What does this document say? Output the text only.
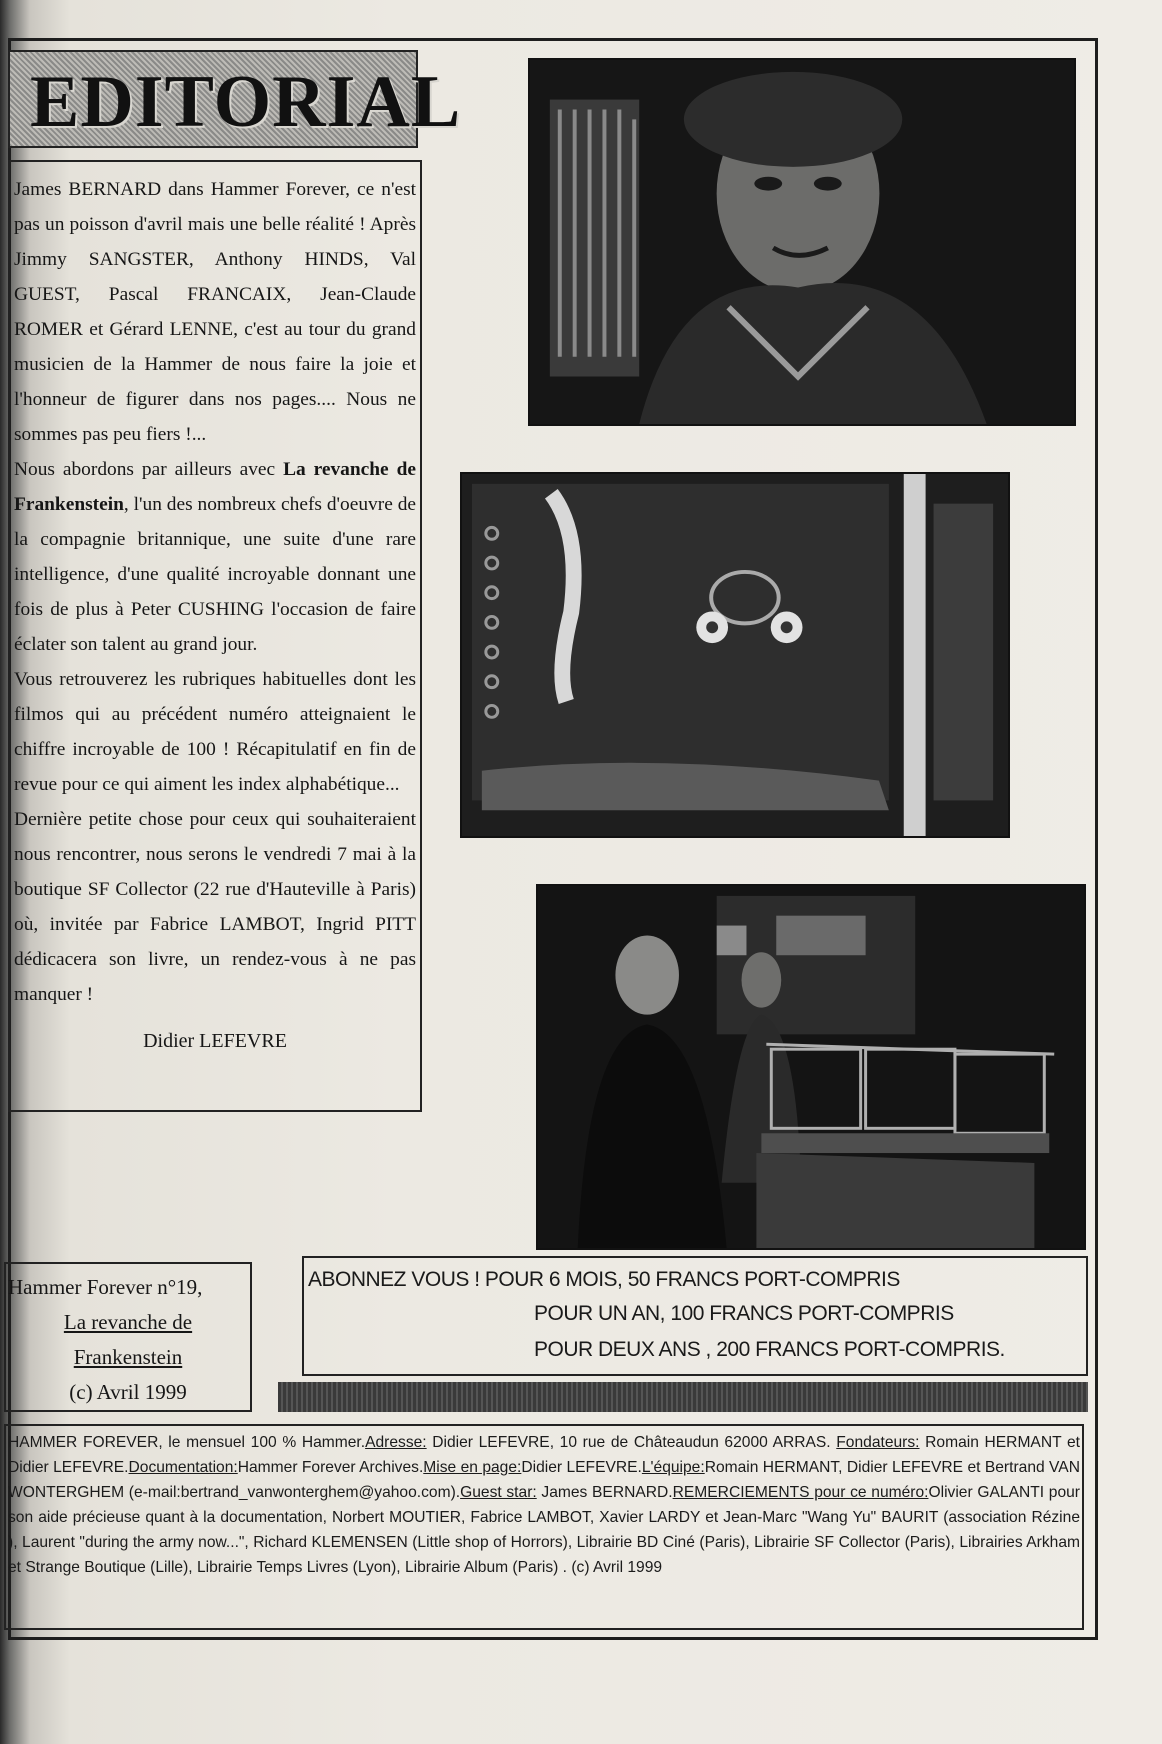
EDITORIAL

James BERNARD dans Hammer Forever, ce n'est pas un poisson d'avril mais une belle réalité ! Après Jimmy SANGSTER, Anthony HINDS, Val GUEST, Pascal FRANCAIX, Jean-Claude ROMER et Gérard LENNE, c'est au tour du grand musicien de la Hammer de nous faire la joie et l'honneur de figurer dans nos pages.... Nous ne sommes pas peu fiers !...

Nous abordons par ailleurs avec La revanche de Frankenstein, l'un des nombreux chefs d'oeuvre de la compagnie britannique, une suite d'une rare intelligence, d'une qualité incroyable donnant une fois de plus à Peter CUSHING l'occasion de faire éclater son talent au grand jour.

Vous retrouverez les rubriques habituelles dont les filmos qui au précédent numéro atteignaient le chiffre incroyable de 100 ! Récapitulatif en fin de revue pour ce qui aiment les index alphabétique...

Dernière petite chose pour ceux qui souhaiteraient nous rencontrer, nous serons le vendredi 7 mai à la boutique SF Collector (22 rue d'Hauteville à Paris) où, invitée par Fabrice LAMBOT, Ingrid PITT dédicacera son livre, un rendez-vous à ne pas manquer !

Didier LEFEVRE
Hammer Forever n°19,
La revanche de
Frankenstein
(c) Avril 1999
ABONNEZ VOUS ! POUR 6 MOIS, 50 FRANCS PORT-COMPRIS
POUR UN AN, 100 FRANCS PORT-COMPRIS
POUR DEUX ANS , 200 FRANCS PORT-COMPRIS.
HAMMER FOREVER, le mensuel 100 % Hammer.Adresse: Didier LEFEVRE, 10 rue de Châteaudun 62000 ARRAS. Fondateurs: Romain HERMANT et Didier LEFEVRE.Documentation:Hammer Forever Archives.Mise en page:Didier LEFEVRE.L'équipe:Romain HERMANT, Didier LEFEVRE et Bertrand VAN WONTERGHEM (e-mail:bertrand_vanwonterghem@yahoo.com).Guest star: James BERNARD.REMERCIEMENTS pour ce numéro:Olivier GALANTI pour son aide précieuse quant à la documentation, Norbert MOUTIER, Fabrice LAMBOT, Xavier LARDY et Jean-Marc "Wang Yu" BAURIT (association Rézine ), Laurent "during the army now...", Richard KLEMENSEN (Little shop of Horrors), Librairie BD Ciné (Paris), Librairie SF Collector (Paris), Librairies Arkham et Strange Boutique (Lille), Librairie Temps Livres (Lyon), Librairie Album (Paris) . (c) Avril 1999
